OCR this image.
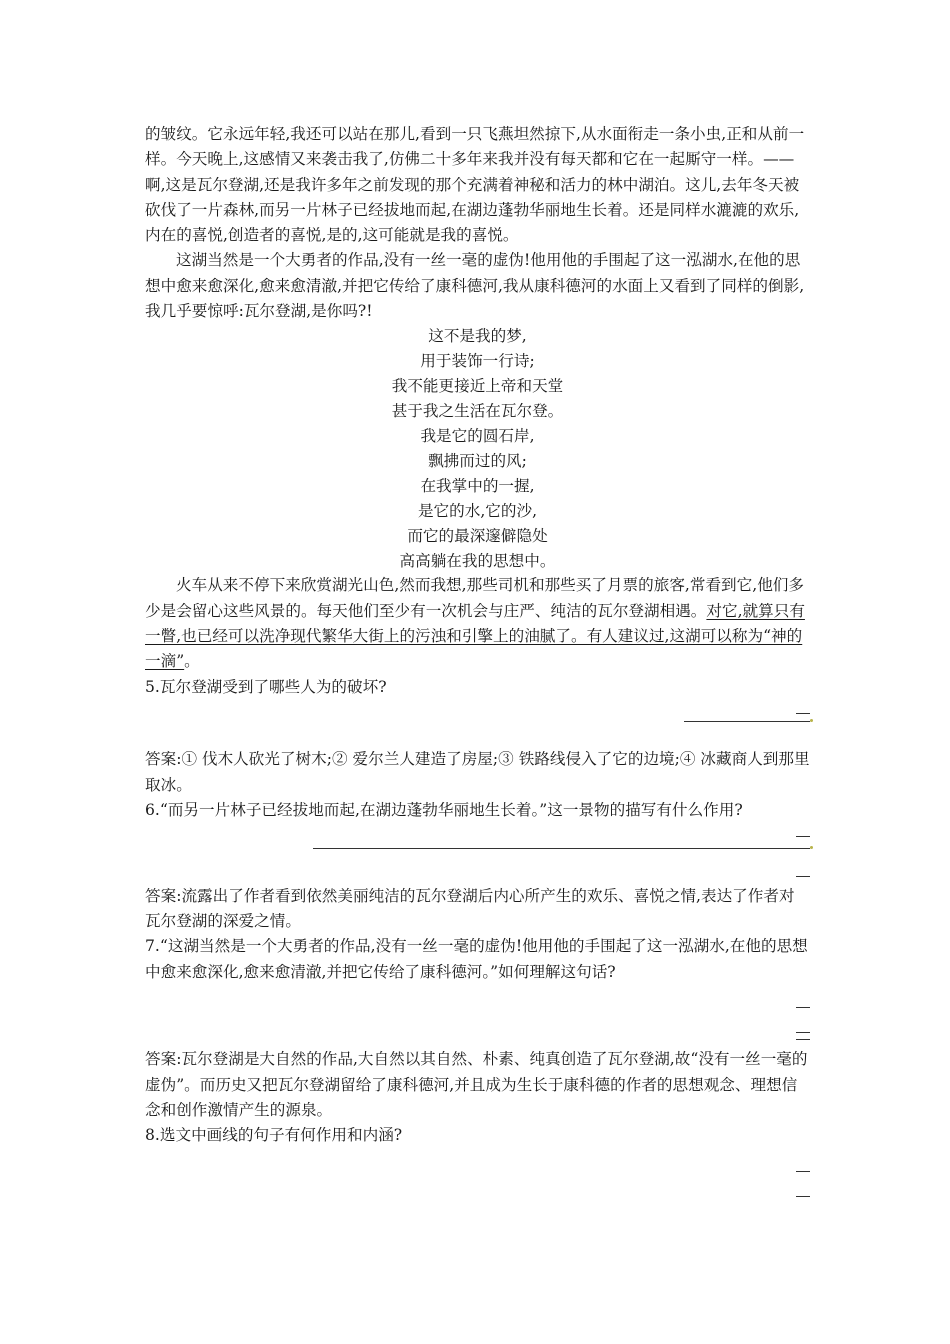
的皱纹。它永远年轻,我还可以站在那儿,看到一只飞燕坦然掠下,从水面衔走一条小虫,正和从前一样。今天晚上,这感情又来袭击我了,仿佛二十多年来我并没有每天都和它在一起厮守一样。——啊,这是瓦尔登湖,还是我许多年之前发现的那个充满着神秘和活力的林中湖泊。这儿,去年冬天被砍伐了一片森林,而另一片林子已经拔地而起,在湖边蓬勃华丽地生长着。还是同样水漉漉的欢乐,内在的喜悦,创造者的喜悦,是的,这可能就是我的喜悦。

这湖当然是一个大勇者的作品,没有一丝一毫的虚伪!他用他的手围起了这一泓湖水,在他的思想中愈来愈深化,愈来愈清澈,并把它传给了康科德河,我从康科德河的水面上又看到了同样的倒影,我几乎要惊呼:瓦尔登湖,是你吗?!

这不是我的梦,
用于装饰一行诗;
我不能更接近上帝和天堂
甚于我之生活在瓦尔登。
我是它的圆石岸,
飘拂而过的风;
在我掌中的一握,
是它的水,它的沙,
而它的最深邃僻隐处
高高躺在我的思想中。

火车从来不停下来欣赏湖光山色,然而我想,那些司机和那些买了月票的旅客,常看到它,他们多少是会留心这些风景的。每天他们至少有一次机会与庄严、纯洁的瓦尔登湖相遇。对它,就算只有一瞥,也已经可以洗净现代繁华大街上的污浊和引擎上的油腻了。有人建议过,这湖可以称为“神的一滴”。

5.瓦尔登湖受到了哪些人为的破坏?

答案:① 伐木人砍光了树木;② 爱尔兰人建造了房屋;③ 铁路线侵入了它的边境;④ 冰藏商人到那里取冰。

6.“而另一片林子已经拔地而起,在湖边蓬勃华丽地生长着。”这一景物的描写有什么作用?

答案:流露出了作者看到依然美丽纯洁的瓦尔登湖后内心所产生的欢乐、喜悦之情,表达了作者对瓦尔登湖的深爱之情。

7.“这湖当然是一个大勇者的作品,没有一丝一毫的虚伪!他用他的手围起了这一泓湖水,在他的思想中愈来愈深化,愈来愈清澈,并把它传给了康科德河。”如何理解这句话?

答案:瓦尔登湖是大自然的作品,大自然以其自然、朴素、纯真创造了瓦尔登湖,故“没有一丝一毫的虚伪”。而历史又把瓦尔登湖留给了康科德河,并且成为生长于康科德的作者的思想观念、理想信念和创作激情产生的源泉。

8.选文中画线的句子有何作用和内涵?
